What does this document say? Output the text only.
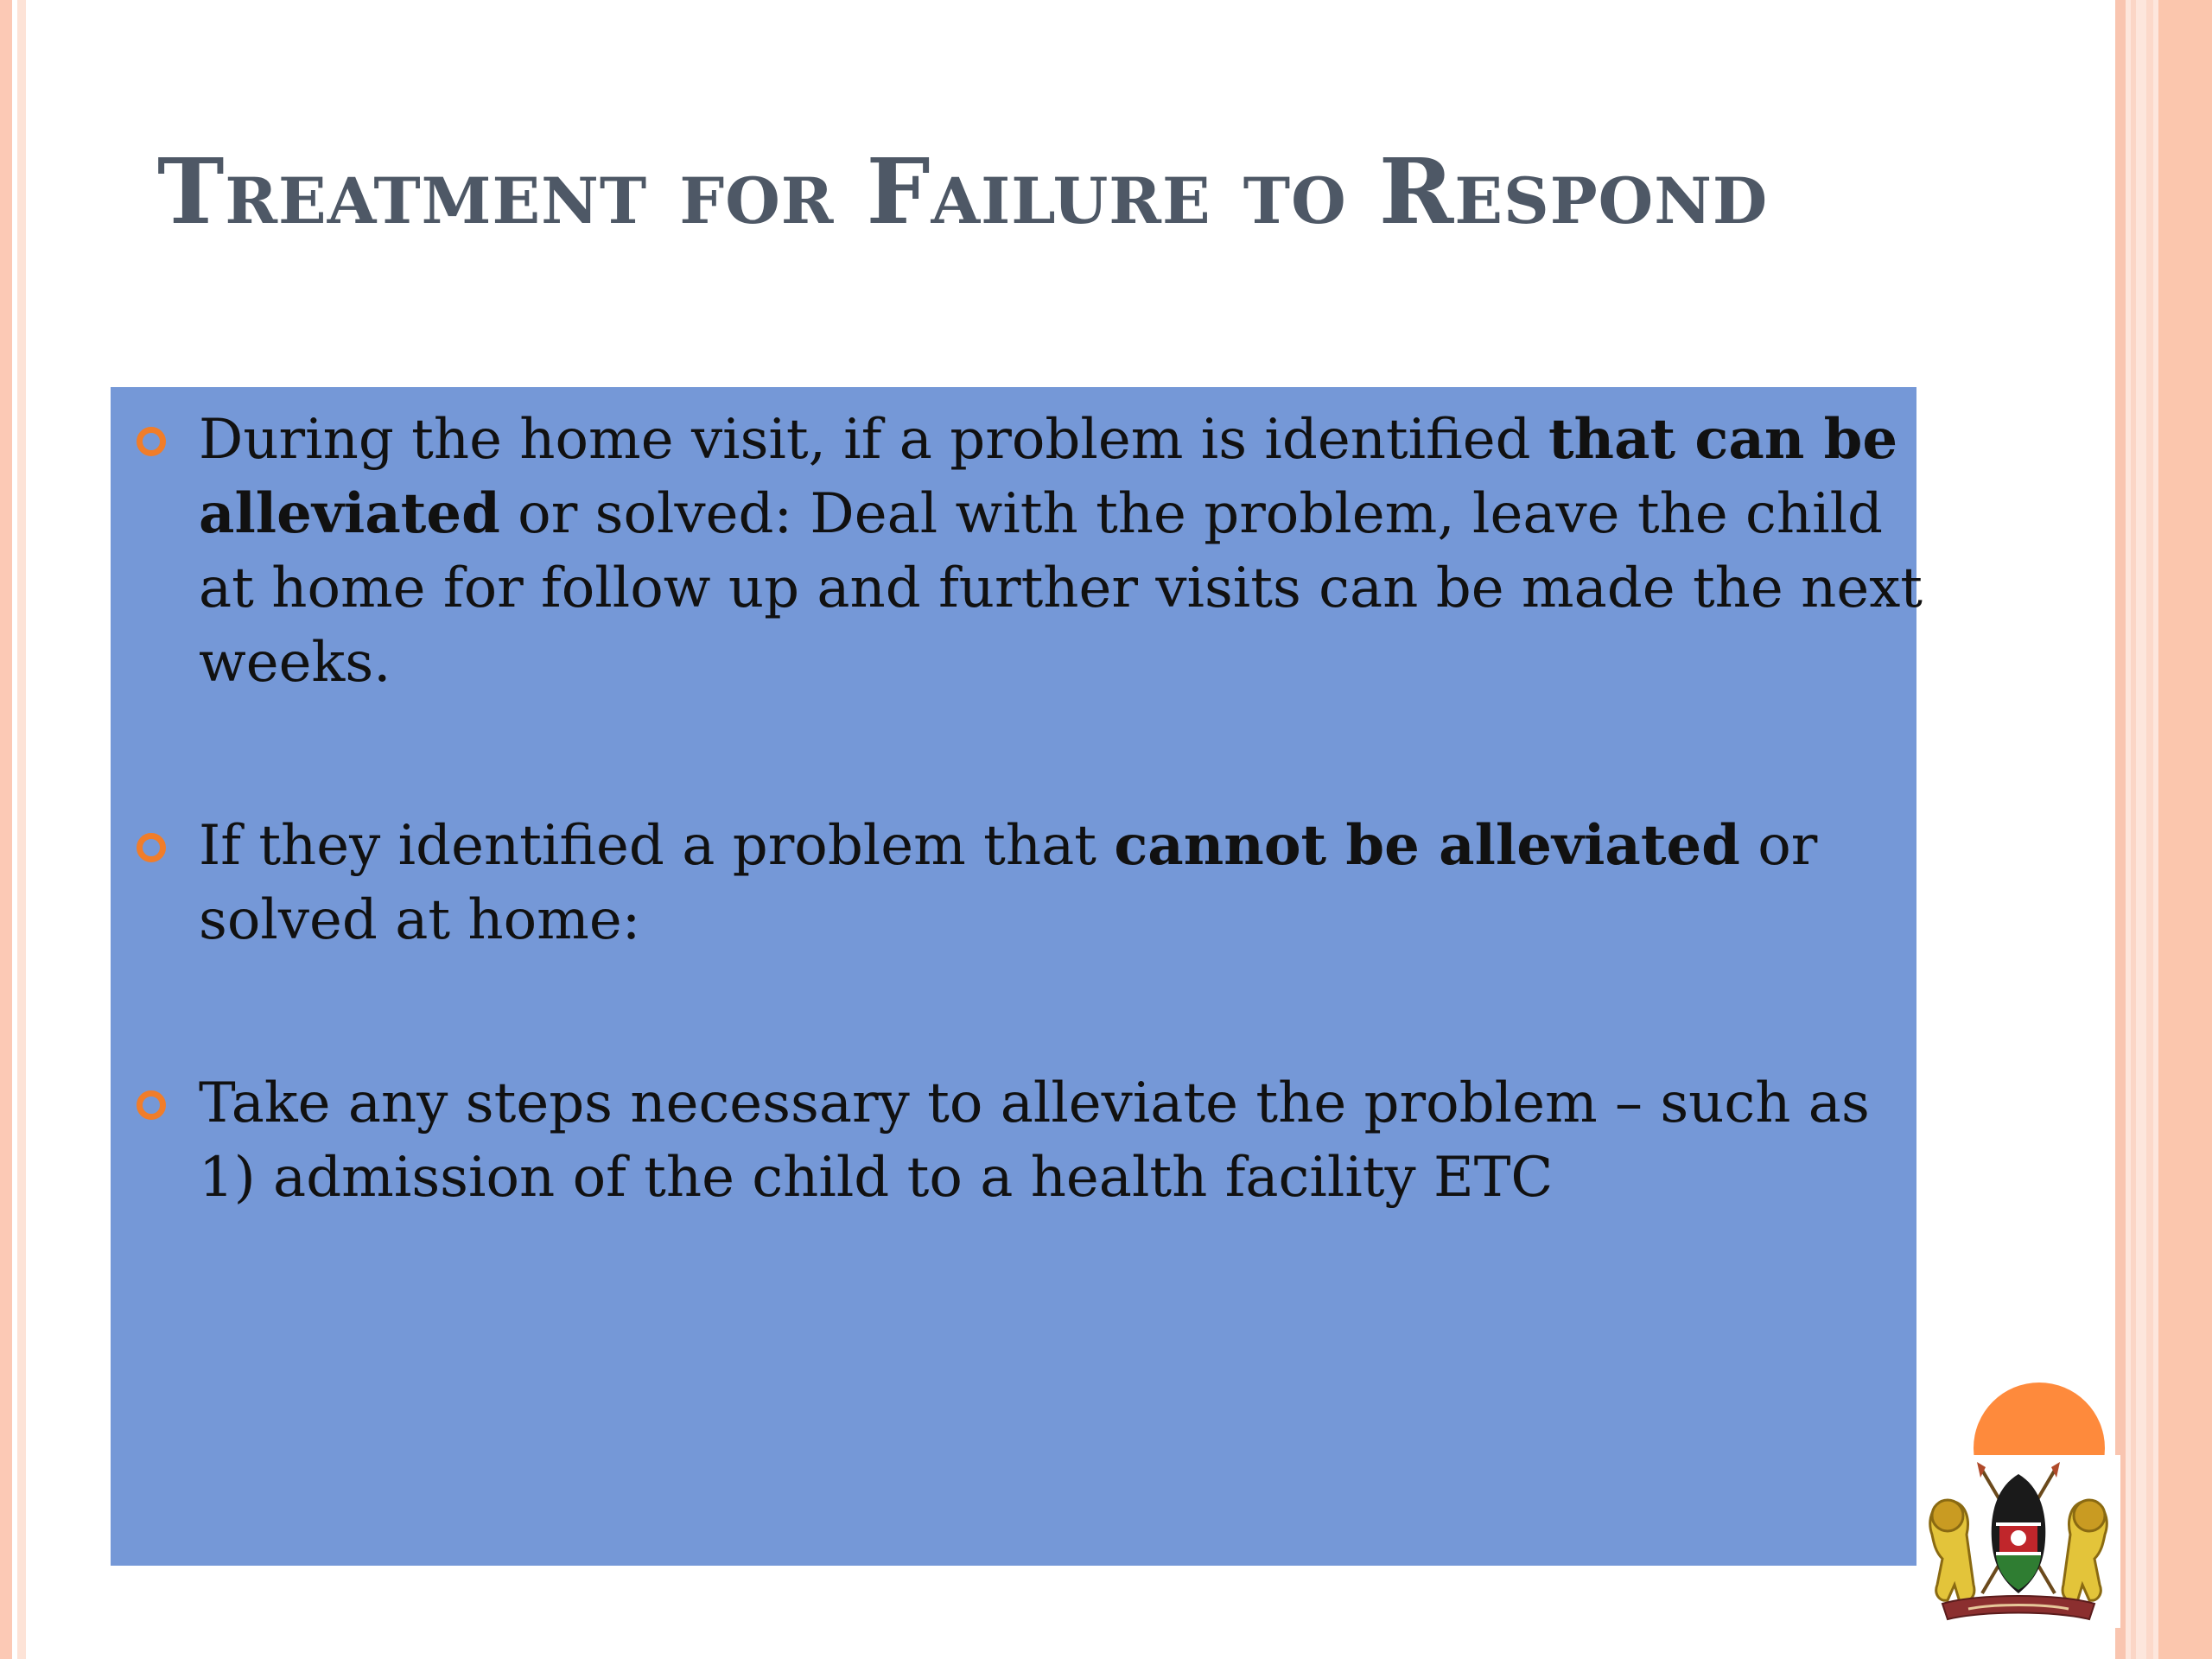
Treatment for Failure to Respond

During the home visit, if a problem is identified that can be alleviated or solved: Deal with the problem, leave the child at home for follow up and further visits can be made the next weeks.

If they identified a problem that cannot be alleviated or solved at home:

Take any steps necessary to alleviate the problem – such as 1) admission of the child to a health facility ETC
